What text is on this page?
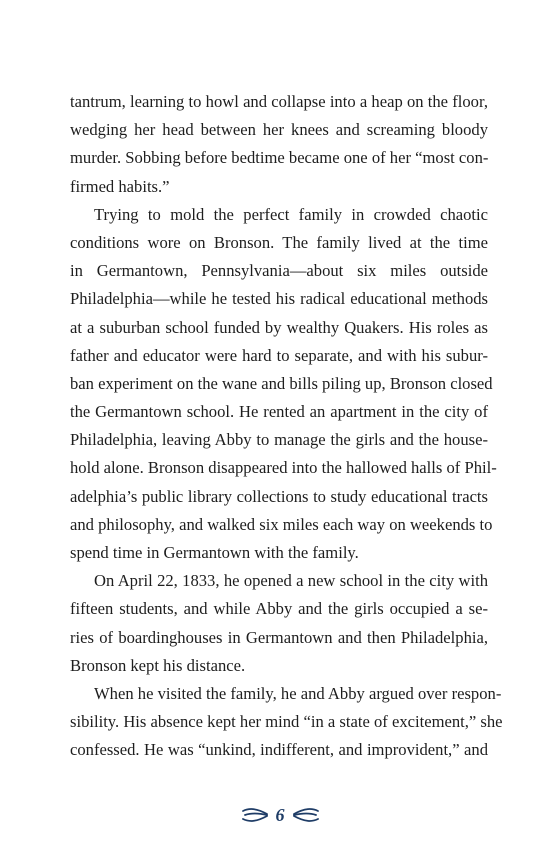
tantrum, learning to howl and collapse into a heap on the floor,
wedging her head between her knees and screaming bloody
murder. Sobbing before bedtime became one of her “most con-
firmed habits.”
Trying to mold the perfect family in crowded chaotic
conditions wore on Bronson. The family lived at the time
in Germantown, Pennsylvania—about six miles outside
Philadelphia—while he tested his radical educational methods
at a suburban school funded by wealthy Quakers. His roles as
father and educator were hard to separate, and with his subur-
ban experiment on the wane and bills piling up, Bronson closed
the Germantown school. He rented an apartment in the city of
Philadelphia, leaving Abby to manage the girls and the house-
hold alone. Bronson disappeared into the hallowed halls of Phil-
adelphia’s public library collections to study educational tracts
and philosophy, and walked six miles each way on weekends to
spend time in Germantown with the family.
On April 22, 1833, he opened a new school in the city with
fifteen students, and while Abby and the girls occupied a se-
ries of boardinghouses in Germantown and then Philadelphia,
Bronson kept his distance.
When he visited the family, he and Abby argued over respon-
sibility. His absence kept her mind “in a state of excitement,” she
confessed. He was “unkind, indifferent, and improvident,” and
6
